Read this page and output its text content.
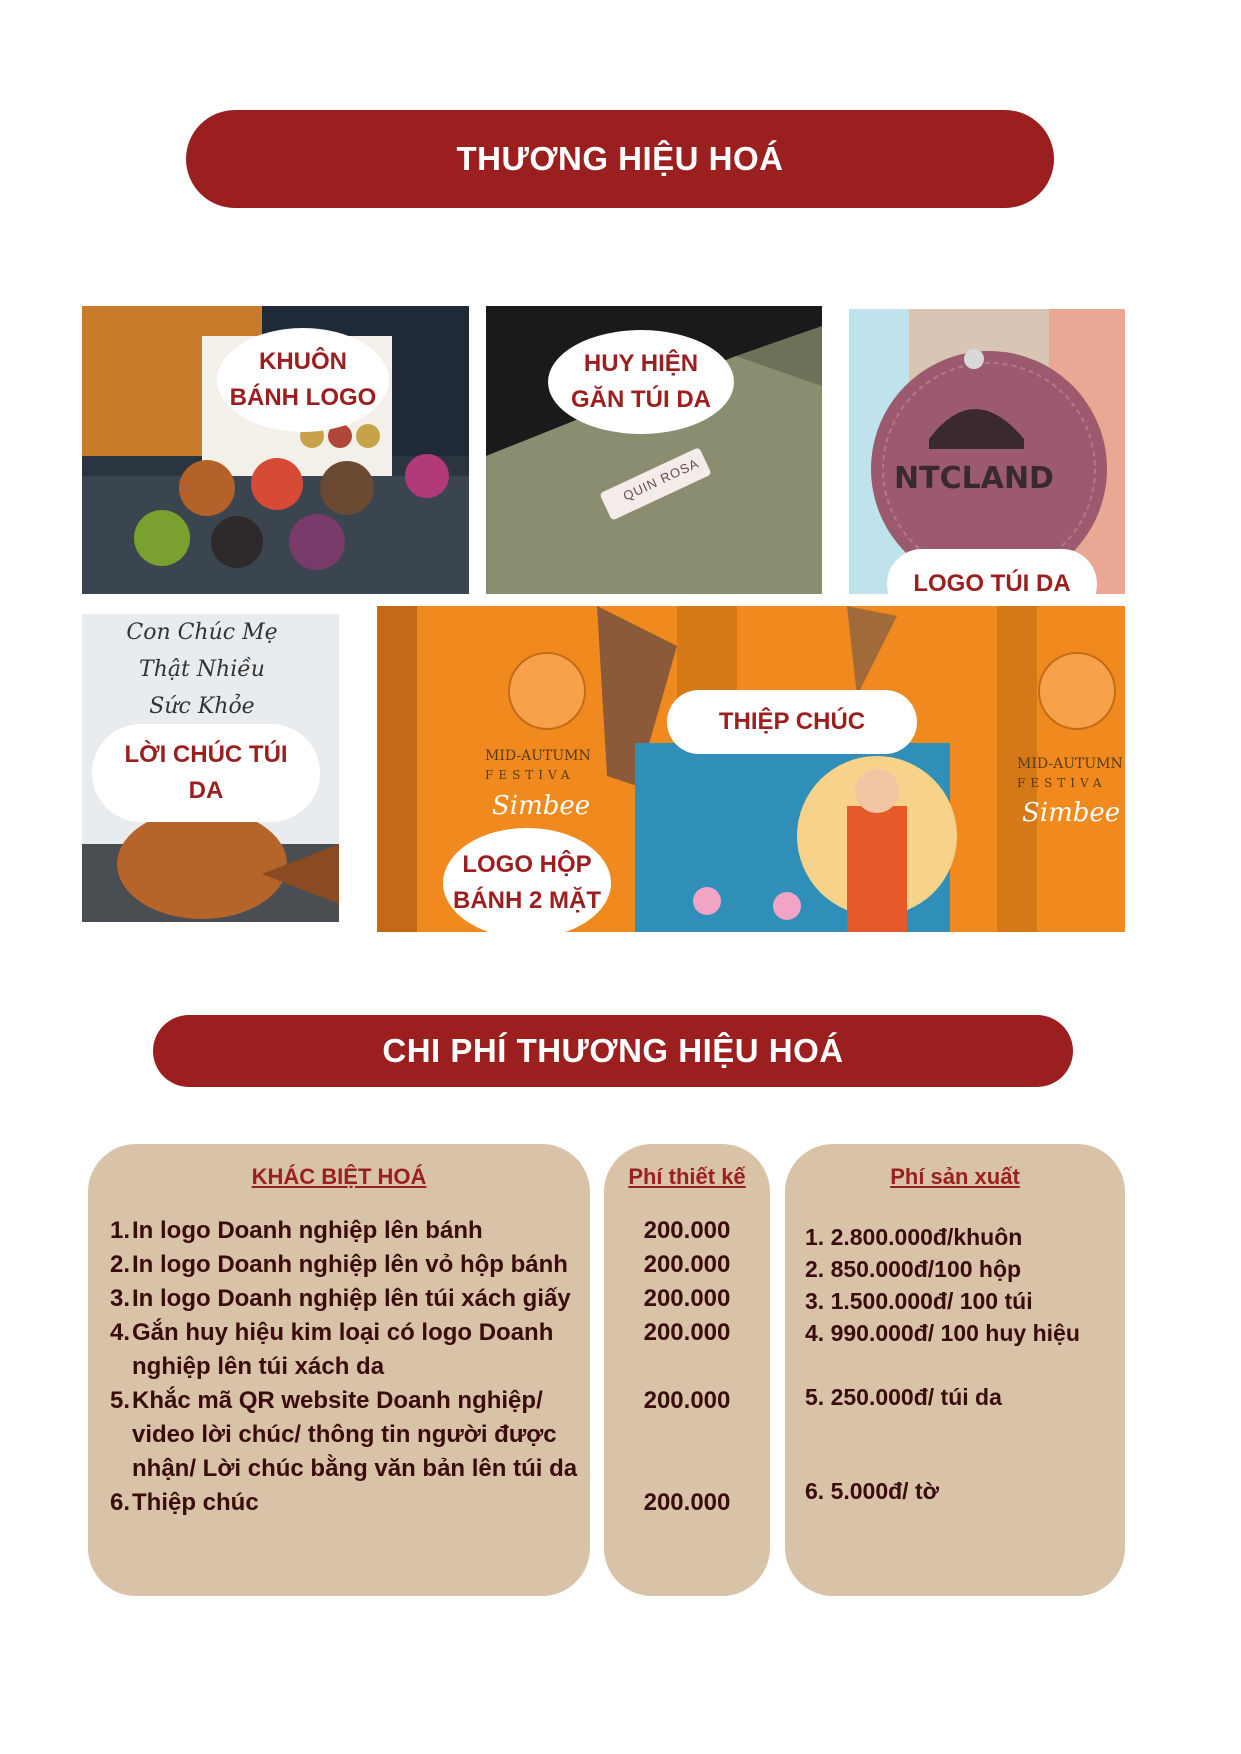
THƯƠNG HIỆU HOÁ
KHUÔN
BÁNH LOGO
QUIN ROSA
HUY HIỆN
GĂN TÚI DA
NTCLAND
LOGO TÚI DA
Con Chúc Mẹ
Thật Nhiều
Sức Khỏe
LỜI CHÚC TÚI
DA
MID-AUTUMN
FESTIVA
Simbee
MID-AUTUMN
FESTIVA
Simbee
THIỆP CHÚC
LOGO HỘP
BÁNH 2 MẶT
CHI PHÍ THƯƠNG HIỆU HOÁ
KHÁC BIỆT HOÁ
1. In logo Doanh nghiệp lên bánh
2. In logo Doanh nghiệp lên vỏ hộp bánh
3. In logo Doanh nghiệp lên túi xách giấy
4. Gắn huy hiệu kim loại có logo Doanh
nghiệp lên túi xách da
5. Khắc mã QR website Doanh nghiệp/
video lời chúc/ thông tin người được
nhận/ Lời chúc bằng văn bản lên túi da
6. Thiệp chúc
Phí thiết kế
200.000
200.000
200.000
200.000
200.000
200.000
Phí sản xuất
1. 2.800.000đ/khuôn
2. 850.000đ/100 hộp
3. 1.500.000đ/ 100 túi
4. 990.000đ/ 100 huy hiệu
5. 250.000đ/ túi da
6. 5.000đ/ tờ
